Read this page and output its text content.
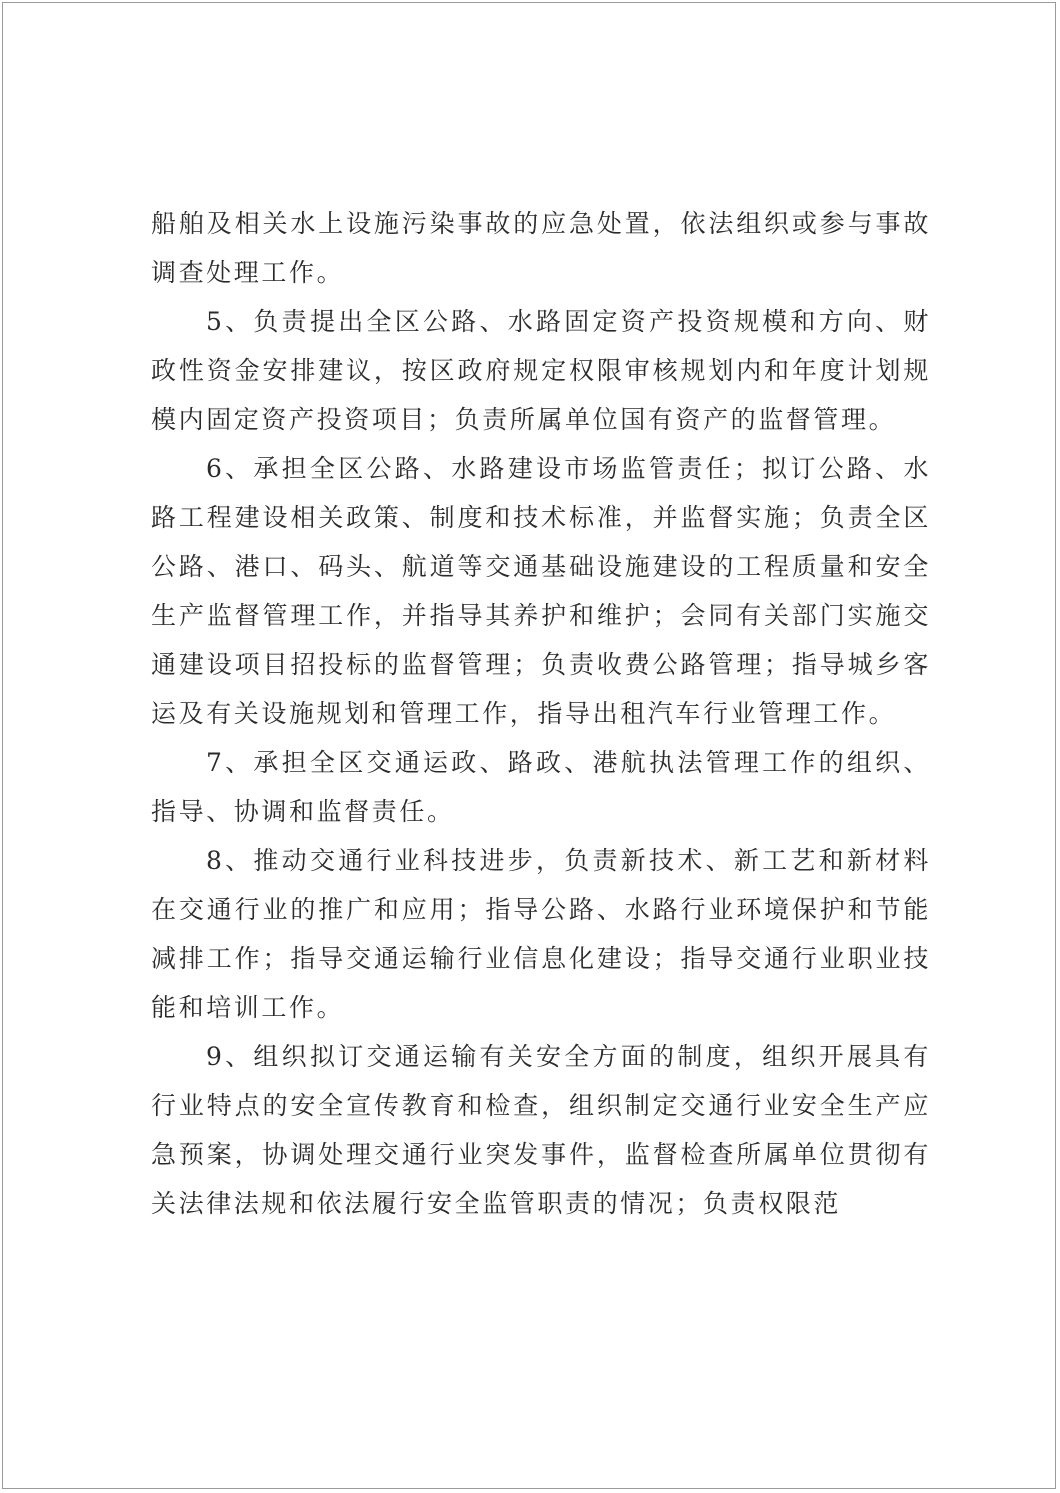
船舶及相关水上设施污染事故的应急处置，依法组织或参与事故调查处理工作。

5、负责提出全区公路、水路固定资产投资规模和方向、财政性资金安排建议，按区政府规定权限审核规划内和年度计划规模内固定资产投资项目；负责所属单位国有资产的监督管理。

6、承担全区公路、水路建设市场监管责任；拟订公路、水路工程建设相关政策、制度和技术标准，并监督实施；负责全区公路、港口、码头、航道等交通基础设施建设的工程质量和安全生产监督管理工作，并指导其养护和维护；会同有关部门实施交通建设项目招投标的监督管理；负责收费公路管理；指导城乡客运及有关设施规划和管理工作，指导出租汽车行业管理工作。

7、承担全区交通运政、路政、港航执法管理工作的组织、指导、协调和监督责任。

8、推动交通行业科技进步，负责新技术、新工艺和新材料在交通行业的推广和应用；指导公路、水路行业环境保护和节能减排工作；指导交通运输行业信息化建设；指导交通行业职业技能和培训工作。

9、组织拟订交通运输有关安全方面的制度，组织开展具有行业特点的安全宣传教育和检查，组织制定交通行业安全生产应急预案，协调处理交通行业突发事件，监督检查所属单位贯彻有关法律法规和依法履行安全监管职责的情况；负责权限范
